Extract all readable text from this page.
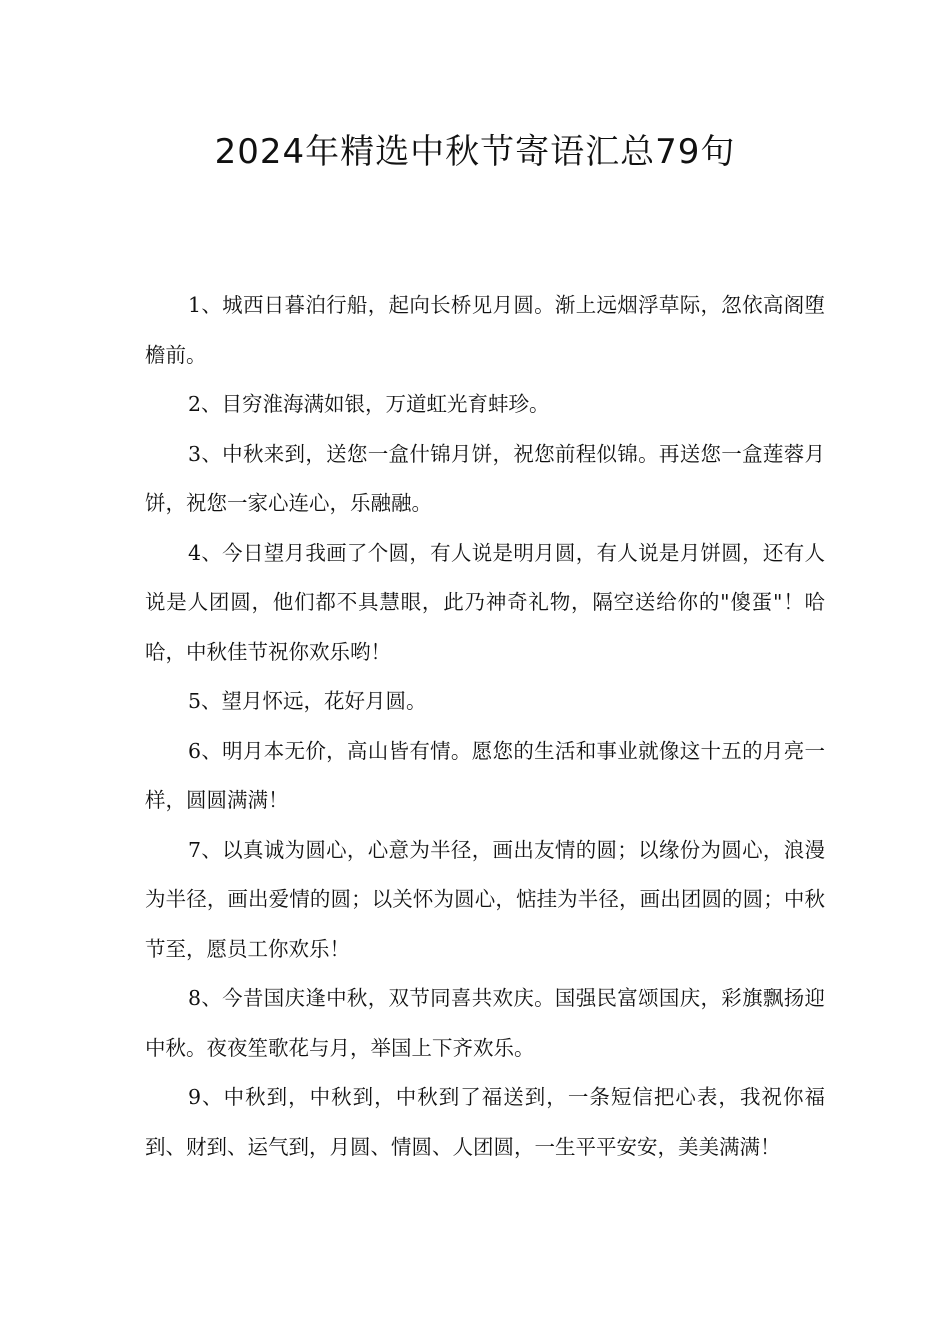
2024年精选中秋节寄语汇总79句

1、城西日暮泊行船，起向长桥见月圆。渐上远烟浮草际，忽依高阁堕檐前。

2、目穷淮海满如银，万道虹光育蚌珍。

3、中秋来到，送您一盒什锦月饼，祝您前程似锦。再送您一盒莲蓉月饼，祝您一家心连心，乐融融。

4、今日望月我画了个圆，有人说是明月圆，有人说是月饼圆，还有人说是人团圆，他们都不具慧眼，此乃神奇礼物，隔空送给你的"傻蛋"！哈哈，中秋佳节祝你欢乐哟！

5、望月怀远，花好月圆。

6、明月本无价，高山皆有情。愿您的生活和事业就像这十五的月亮一样，圆圆满满！

7、以真诚为圆心，心意为半径，画出友情的圆；以缘份为圆心，浪漫为半径，画出爱情的圆；以关怀为圆心，惦挂为半径，画出团圆的圆；中秋节至，愿员工你欢乐！

8、今昔国庆逢中秋，双节同喜共欢庆。国强民富颂国庆，彩旗飘扬迎中秋。夜夜笙歌花与月，举国上下齐欢乐。

9、中秋到，中秋到，中秋到了福送到，一条短信把心表，我祝你福到、财到、运气到，月圆、情圆、人团圆，一生平平安安，美美满满！
